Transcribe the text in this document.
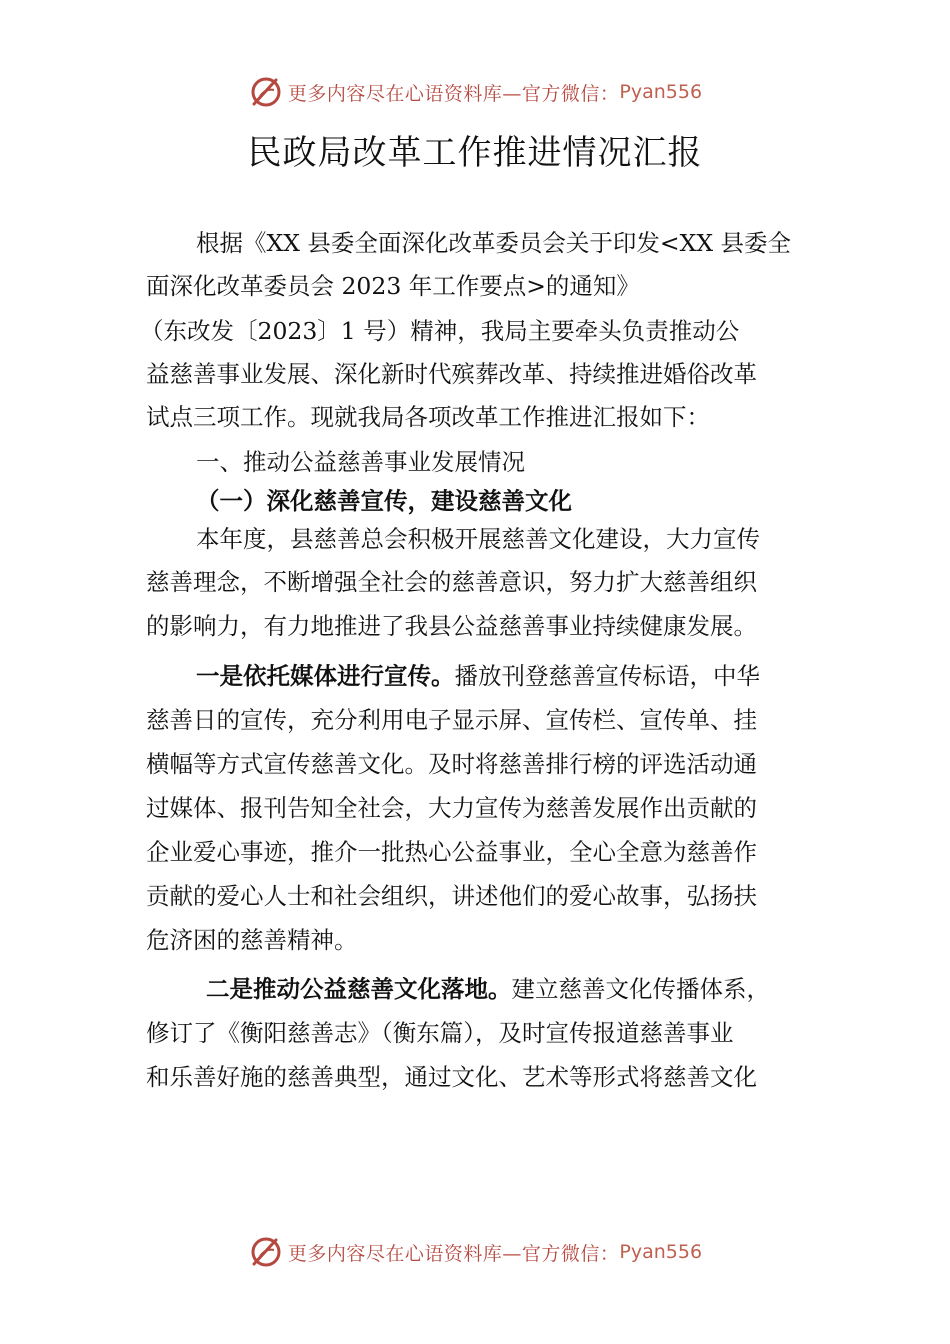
更多内容尽在心语资料库—官方微信： Pyan556
民政局改革工作推进情况汇报
根据《XX 县委全面深化改革委员会关于印发<XX 县委全
面深化改革委员会 2023 年工作要点>的通知》
（东改发〔2023〕1 号）精神，我局主要牵头负责推动公
益慈善事业发展、深化新时代殡葬改革、持续推进婚俗改革
试点三项工作。现就我局各项改革工作推进汇报如下：
一、推动公益慈善事业发展情况
（一）深化慈善宣传，建设慈善文化
本年度，县慈善总会积极开展慈善文化建设，大力宣传
慈善理念，不断增强全社会的慈善意识，努力扩大慈善组织
的影响力，有力地推进了我县公益慈善事业持续健康发展。
一是依托媒体进行宣传。播放刊登慈善宣传标语，中华
慈善日的宣传，充分利用电子显示屏、宣传栏、宣传单、挂
横幅等方式宣传慈善文化。及时将慈善排行榜的评选活动通
过媒体、报刊告知全社会，大力宣传为慈善发展作出贡献的
企业爱心事迹，推介一批热心公益事业，全心全意为慈善作
贡献的爱心人士和社会组织，讲述他们的爱心故事，弘扬扶
危济困的慈善精神。
二是推动公益慈善文化落地。建立慈善文化传播体系，
修订了《衡阳慈善志》（衡东篇），及时宣传报道慈善事业
和乐善好施的慈善典型，通过文化、艺术等形式将慈善文化
更多内容尽在心语资料库—官方微信： Pyan556
